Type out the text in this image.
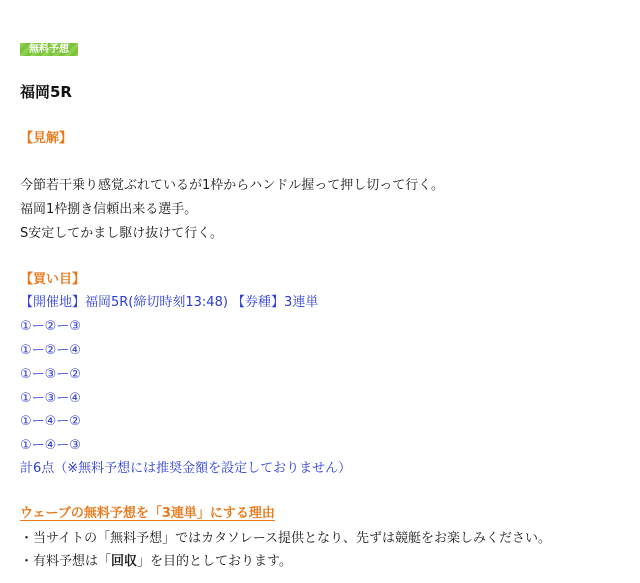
無料予想
福岡5R
【見解】
今節若干乗り感覚ぶれているが1枠からハンドル握って押し切って行く。
福岡1枠捌き信頼出来る選手。
S安定してかまし駆け抜けて行く。
【買い目】
【開催地】福岡5R(締切時刻13:48) 【券種】3連単
①ー②ー③
①ー②ー④
①ー③ー②
①ー③ー④
①ー④ー②
①ー④ー③
計6点（※無料予想には推奨金額を設定しておりません）
ウェーブの無料予想を「3連単」にする理由
・当サイトの「無料予想」ではカタソレース提供となり、先ずは競艇をお楽しみください。
・有料予想は「回収」を目的としております。
